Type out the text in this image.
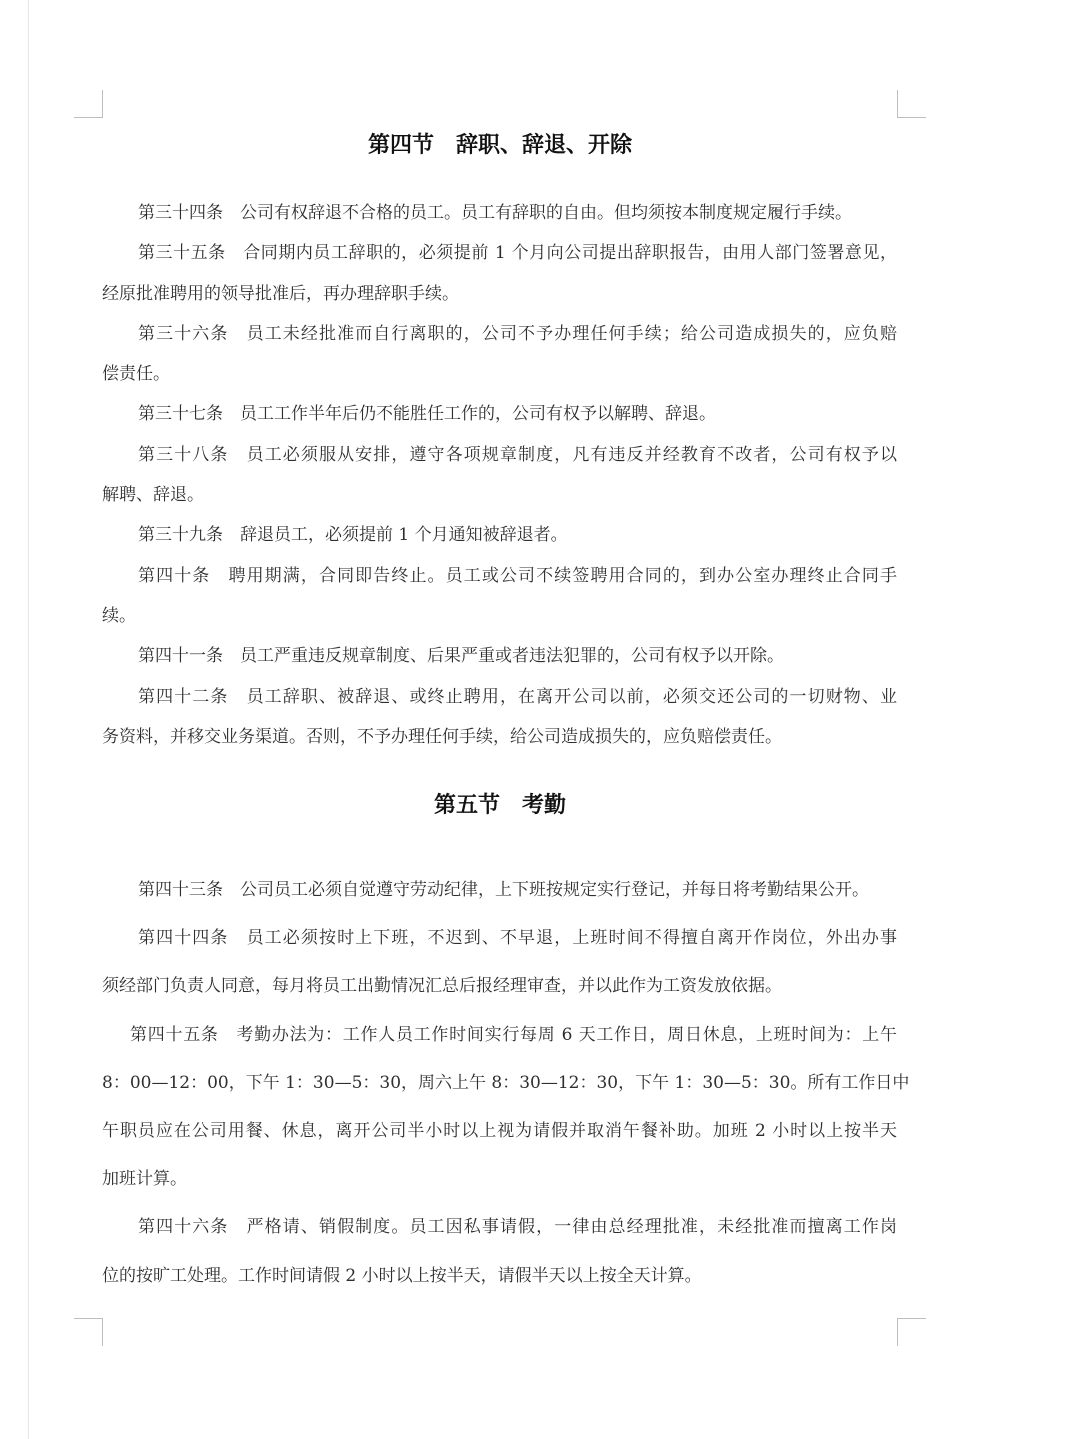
第四节　辞职、辞退、开除
第三十四条　公司有权辞退不合格的员工。员工有辞职的自由。但均须按本制度规定履行手续。
第三十五条　合同期内员工辞职的，必须提前 1 个月向公司提出辞职报告，由用人部门签署意见，
经原批准聘用的领导批准后，再办理辞职手续。
第三十六条　员工未经批准而自行离职的，公司不予办理任何手续；给公司造成损失的，应负赔
偿责任。
第三十七条　员工工作半年后仍不能胜任工作的，公司有权予以解聘、辞退。
第三十八条　员工必须服从安排，遵守各项规章制度，凡有违反并经教育不改者，公司有权予以
解聘、辞退。
第三十九条　辞退员工，必须提前 1 个月通知被辞退者。
第四十条　聘用期满，合同即告终止。员工或公司不续签聘用合同的，到办公室办理终止合同手
续。
第四十一条　员工严重违反规章制度、后果严重或者违法犯罪的，公司有权予以开除。
第四十二条　员工辞职、被辞退、或终止聘用，在离开公司以前，必须交还公司的一切财物、业
务资料，并移交业务渠道。否则，不予办理任何手续，给公司造成损失的，应负赔偿责任。
第五节　考勤
第四十三条　公司员工必须自觉遵守劳动纪律，上下班按规定实行登记，并每日将考勤结果公开。
第四十四条　员工必须按时上下班，不迟到、不早退，上班时间不得擅自离开作岗位，外出办事
须经部门负责人同意，每月将员工出勤情况汇总后报经理审查，并以此作为工资发放依据。
第四十五条　考勤办法为：工作人员工作时间实行每周 6 天工作日，周日休息，上班时间为：上午
8：00—12：00，下午 1：30—5：30，周六上午 8：30—12：30，下午 1：30—5：30。所有工作日中
午职员应在公司用餐、休息，离开公司半小时以上视为请假并取消午餐补助。加班 2 小时以上按半天
加班计算。
第四十六条　严格请、销假制度。员工因私事请假，一律由总经理批准，未经批准而擅离工作岗
位的按旷工处理。工作时间请假 2 小时以上按半天，请假半天以上按全天计算。
